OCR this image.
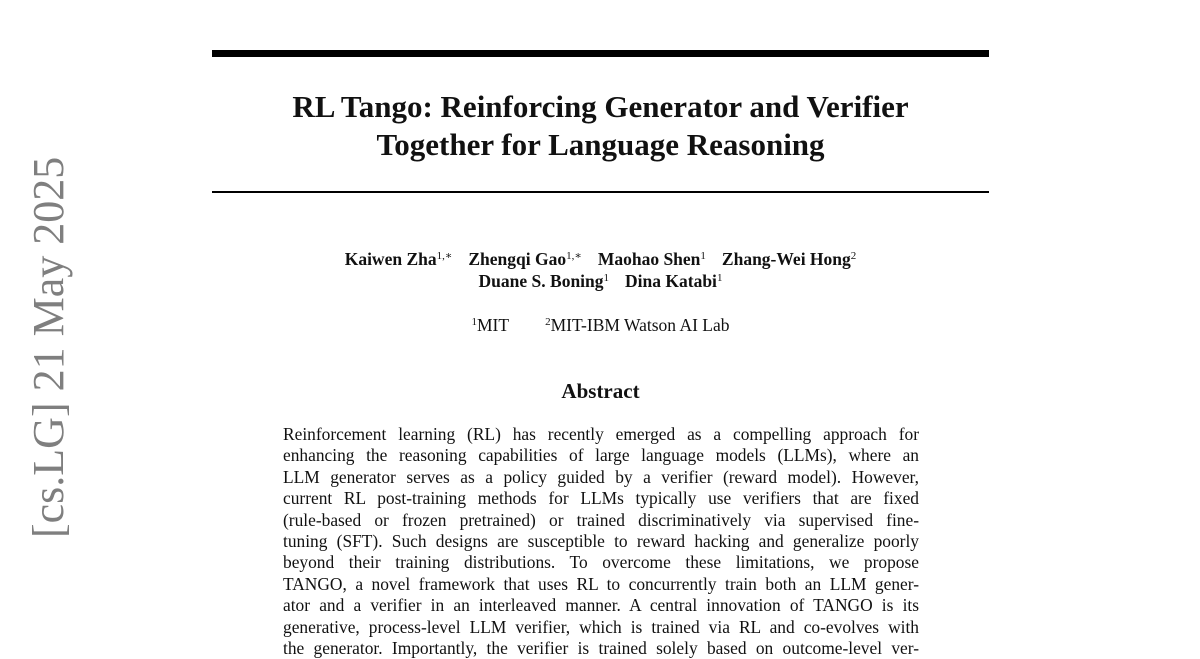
RL Tango: Reinforcing Generator and Verifier
Together for Language Reasoning
Kaiwen Zha$^{1,∗}$ Zhengqi Gao$^{1,∗}$ Maohao Shen$^1$ Zhang-Wei Hong$^2$
Duane S. Boning$^1$ Dina Katabi$^1$
$^1$MIT	$^2$MIT-IBM Watson AI Lab
Abstract
Reinforcement learning (RL) has recently emerged as a compelling approach for
enhancing the reasoning capabilities of large language models (LLMs), where an
LLM generator serves as a policy guided by a verifier (reward model). However,
current RL post-training methods for LLMs typically use verifiers that are fixed
(rule-based or frozen pretrained) or trained discriminatively via supervised fine-
tuning (SFT). Such designs are susceptible to reward hacking and generalize poorly
beyond their training distributions. To overcome these limitations, we propose
TANGO, a novel framework that uses RL to concurrently train both an LLM gener-
ator and a verifier in an interleaved manner. A central innovation of TANGO is its
generative, process-level LLM verifier, which is trained via RL and co-evolves with
the generator. Importantly, the verifier is trained solely based on outcome-level ver-
[cs.LG] 21 May 2025
